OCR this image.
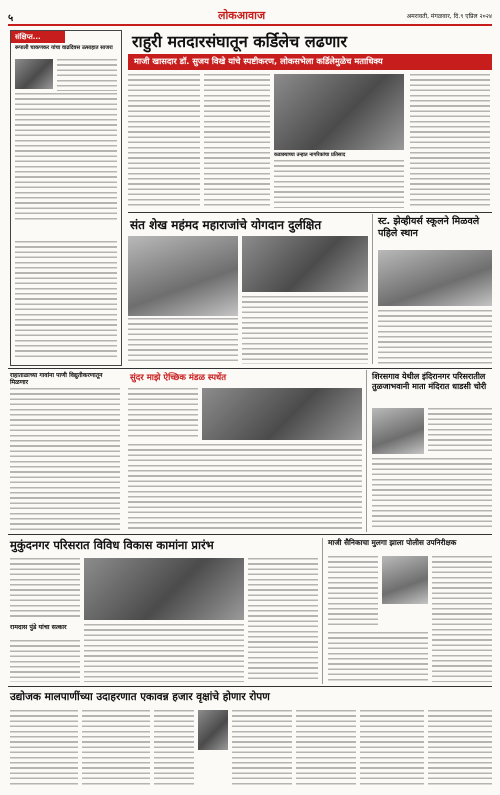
५	लोकआवाज	अमरावती, मंगळवार, दि.९ एप्रिल २०२४
संक्षिप्त...
रूपाली चाकणकर यांचा वाढदिवस उत्साहात साजरा राहुरी मतदारसंघातून कर्डिलेच लढणार
माजी खासदार डॉ. सुजय विखे यांचे स्पष्टीकरण, लोकसभेला कर्डिलेमुळेच मताधिक्य
कडाक्याच्या उन्हात नागरिकांचा प्रतिसाद
संत शेख महंमद महाराजांचे योगदान दुर्लक्षित	स्ट. झेव्हीयर्स स्कूलने मिळवले पहिले स्थान
राहाताळाच्या गावांना पाणी विद्युतीकरणातून मिळणार	सुंदर माझे ऐच्छिक मंडळ स्पर्धेत	शिरसगाव येथील इंदिरानगर परिसरातील तुळजाभवानी माता मंदिरात धाडसी चोरी
मुकुंदनगर परिसरात विविध विकास कामांना प्रारंभ
रामदास पुंडे यांचा सत्कार
माजी सैनिकाचा मुलगा झाला पोलीस उपनिरीक्षक
उद्योजक मालपाणींच्या उदाहरणात एकावन्न हजार वृक्षांचे होणार रोपण
